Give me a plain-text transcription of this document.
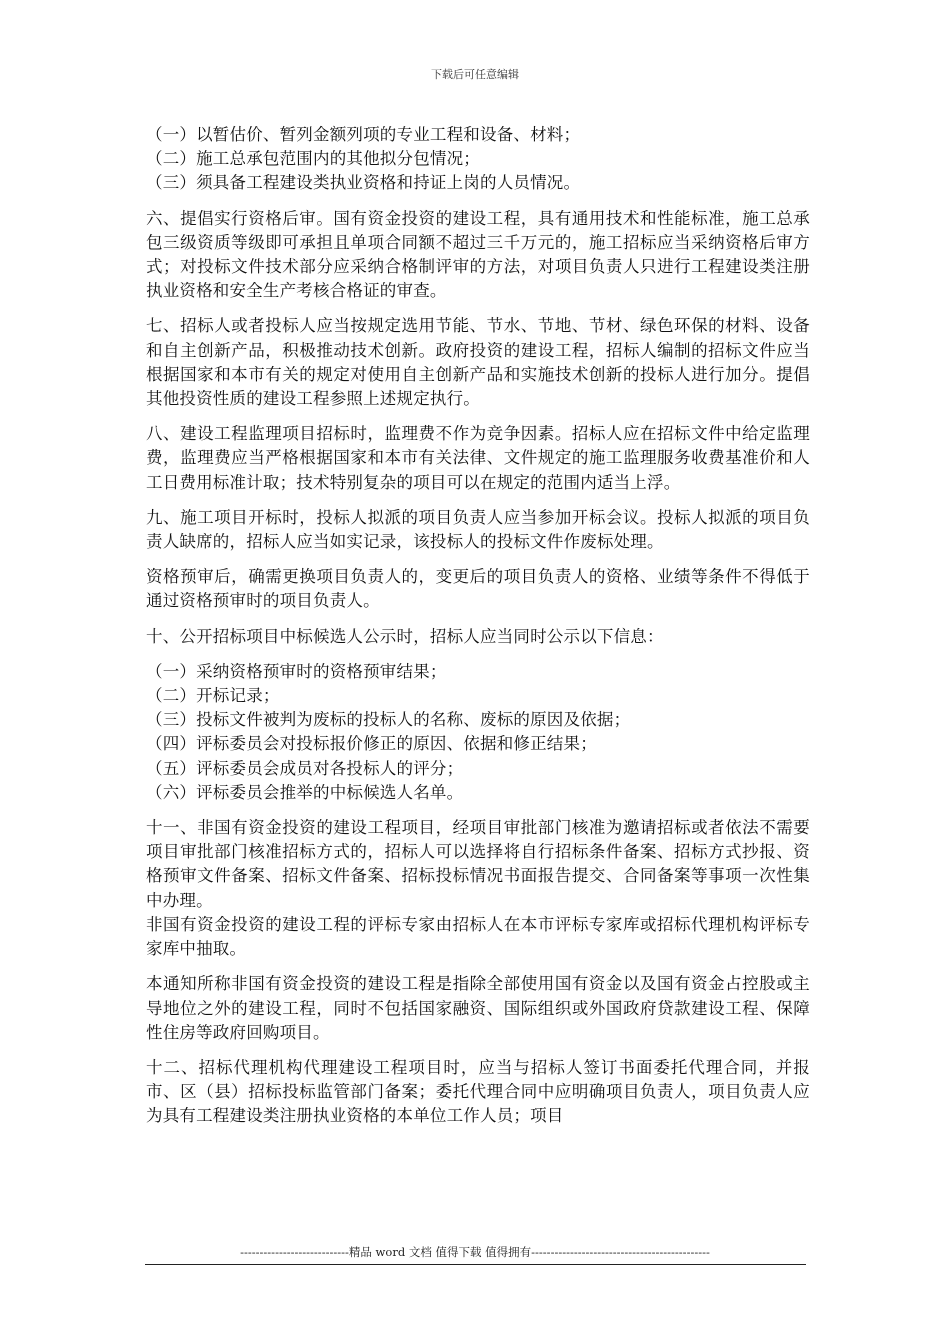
下载后可任意编辑
（一）以暂估价、暂列金额列项的专业工程和设备、材料；
（二）施工总承包范围内的其他拟分包情况；
（三）须具备工程建设类执业资格和持证上岗的人员情况。

六、提倡实行资格后审。国有资金投资的建设工程，具有通用技术和性能标准，施工总承包三级资质等级即可承担且单项合同额不超过三千万元的，施工招标应当采纳资格后审方式；对投标文件技术部分应采纳合格制评审的方法，对项目负责人只进行工程建设类注册执业资格和安全生产考核合格证的审查。

七、招标人或者投标人应当按规定选用节能、节水、节地、节材、绿色环保的材料、设备和自主创新产品，积极推动技术创新。政府投资的建设工程，招标人编制的招标文件应当根据国家和本市有关的规定对使用自主创新产品和实施技术创新的投标人进行加分。提倡其他投资性质的建设工程参照上述规定执行。

八、建设工程监理项目招标时，监理费不作为竞争因素。招标人应在招标文件中给定监理费，监理费应当严格根据国家和本市有关法律、文件规定的施工监理服务收费基准价和人工日费用标准计取；技术特别复杂的项目可以在规定的范围内适当上浮。

九、施工项目开标时，投标人拟派的项目负责人应当参加开标会议。投标人拟派的项目负责人缺席的，招标人应当如实记录，该投标人的投标文件作废标处理。

资格预审后，确需更换项目负责人的，变更后的项目负责人的资格、业绩等条件不得低于通过资格预审时的项目负责人。

十、公开招标项目中标候选人公示时，招标人应当同时公示以下信息：

（一）采纳资格预审时的资格预审结果；
（二）开标记录；
（三）投标文件被判为废标的投标人的名称、废标的原因及依据；
（四）评标委员会对投标报价修正的原因、依据和修正结果；
（五）评标委员会成员对各投标人的评分；
（六）评标委员会推举的中标候选人名单。

十一、非国有资金投资的建设工程项目，经项目审批部门核准为邀请招标或者依法不需要项目审批部门核准招标方式的，招标人可以选择将自行招标条件备案、招标方式抄报、资格预审文件备案、招标文件备案、招标投标情况书面报告提交、合同备案等事项一次性集中办理。

非国有资金投资的建设工程的评标专家由招标人在本市评标专家库或招标代理机构评标专家库中抽取。

本通知所称非国有资金投资的建设工程是指除全部使用国有资金以及国有资金占控股或主导地位之外的建设工程，同时不包括国家融资、国际组织或外国政府贷款建设工程、保障性住房等政府回购项目。

十二、招标代理机构代理建设工程项目时，应当与招标人签订书面委托代理合同，并报市、区（县）招标投标监管部门备案；委托代理合同中应明确项目负责人，项目负责人应为具有工程建设类注册执业资格的本单位工作人员；项目

----------------------------精品 word 文档 值得下载 值得拥有----------------------------------------------
